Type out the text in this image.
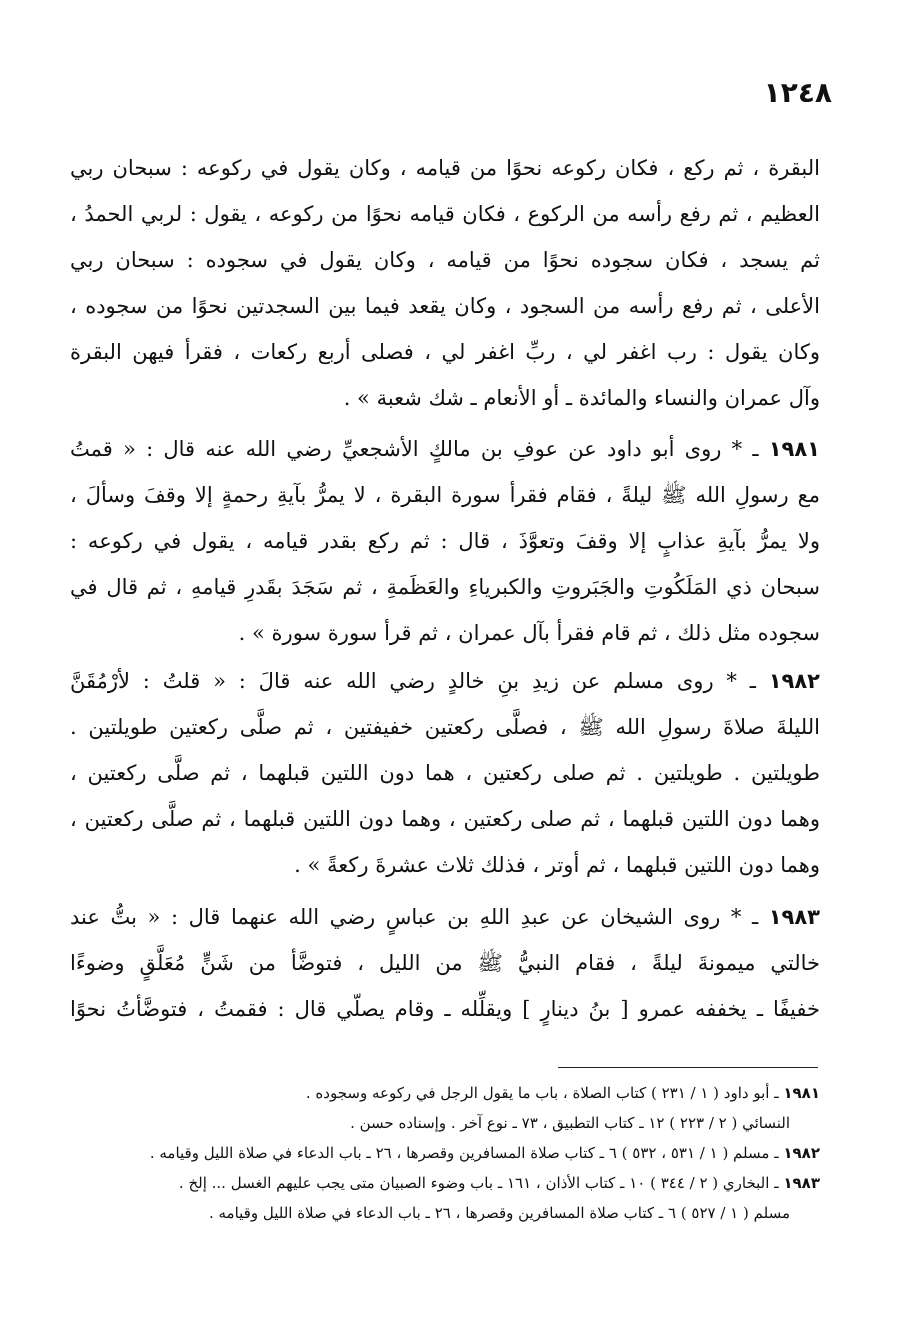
١٢٤٨
البقرة ، ثم ركع ، فكان ركوعه نحوًا من قيامه ، وكان يقول في ركوعه : سبحان ربي
العظيم ، ثم رفع رأسه من الركوع ، فكان قيامه نحوًا من ركوعه ، يقول : لربي الحمدُ ،
ثم يسجد ، فكان سجوده نحوًا من قيامه ، وكان يقول في سجوده : سبحان ربي
الأعلى ، ثم رفع رأسه من السجود ، وكان يقعد فيما بين السجدتين نحوًا من سجوده ،
وكان يقول : رب اغفر لي ، ربِّ اغفر لي ، فصلى أربع ركعات ، فقرأ فيهن البقرة
وآل عمران والنساء والمائدة ـ أو الأنعام ـ شك شعبة » .
١٩٨١ ـ * روى أبو داود عن عوفِ بن مالكٍ الأشجعيِّ رضي الله عنه قال : « قمتُ
مع رسولِ الله ﷺ ليلةً ، فقام فقرأ سورة البقرة ، لا يمرُّ بآيةِ رحمةٍ إلا وقفَ وسألَ ،
ولا يمرُّ بآيةِ عذابٍ إلا وقفَ وتعوَّذَ ، قال : ثم ركع بقدر قيامه ، يقول في ركوعه :
سبحان ذي المَلَكُوتِ والجَبَروتِ والكبرياءِ والعَظَمةِ ، ثم سَجَدَ بقَدرِ قيامهِ ، ثم قال في
سجوده مثل ذلك ، ثم قام فقرأ بآل عمران ، ثم قرأ سورة سورة » .
١٩٨٢ ـ * روى مسلم عن زيدِ بنِ خالدٍ رضي الله عنه قالَ : « قلتُ : لأرْمُقَنَّ
الليلةَ صلاةَ رسولِ الله ﷺ ، فصلَّى ركعتين خفيفتين ، ثم صلَّى ركعتين طويلتين .
طويلتين . طويلتين . ثم صلى ركعتين ، هما دون اللتين قبلهما ، ثم صلَّى ركعتين ،
وهما دون اللتين قبلهما ، ثم صلى ركعتين ، وهما دون اللتين قبلهما ، ثم صلَّى ركعتين ،
وهما دون اللتين قبلهما ، ثم أوتر ، فذلك ثلاث عشرةَ ركعةً » .
١٩٨٣ ـ * روى الشيخان عن عبدِ اللهِ بن عباسٍ رضي الله عنهما قال : « بتُّ عند
خالتي ميمونةَ ليلةً ، فقام النبيُّ ﷺ من الليل ، فتوضَّأ من شَنٍّ مُعَلَّقٍ وضوءًا
خفيفًا ـ يخففه عمرو [ بنُ دينارٍ ] ويقلِّله ـ وقام يصلّي قال : فقمتُ ، فتوضَّأتُ نحوًا
١٩٨١ ـ أبو داود ( ١ / ٢٣١ ) كتاب الصلاة ، باب ما يقول الرجل في ركوعه وسجوده .
النسائي ( ٢ / ٢٢٣ ) ١٢ ـ كتاب التطبيق ، ٧٣ ـ نوع آخر . وإسناده حسن .
١٩٨٢ ـ مسلم ( ١ / ٥٣١ ، ٥٣٢ ) ٦ ـ كتاب صلاة المسافرين وقصرها ، ٢٦ ـ باب الدعاء في صلاة الليل وقيامه .
١٩٨٣ ـ البخاري ( ٢ / ٣٤٤ ) ١٠ ـ كتاب الأذان ، ١٦١ ـ باب وضوء الصبيان متى يجب عليهم الغسل ... إلخ .
مسلم ( ١ / ٥٢٧ ) ٦ ـ كتاب صلاة المسافرين وقصرها ، ٢٦ ـ باب الدعاء في صلاة الليل وقيامه .
